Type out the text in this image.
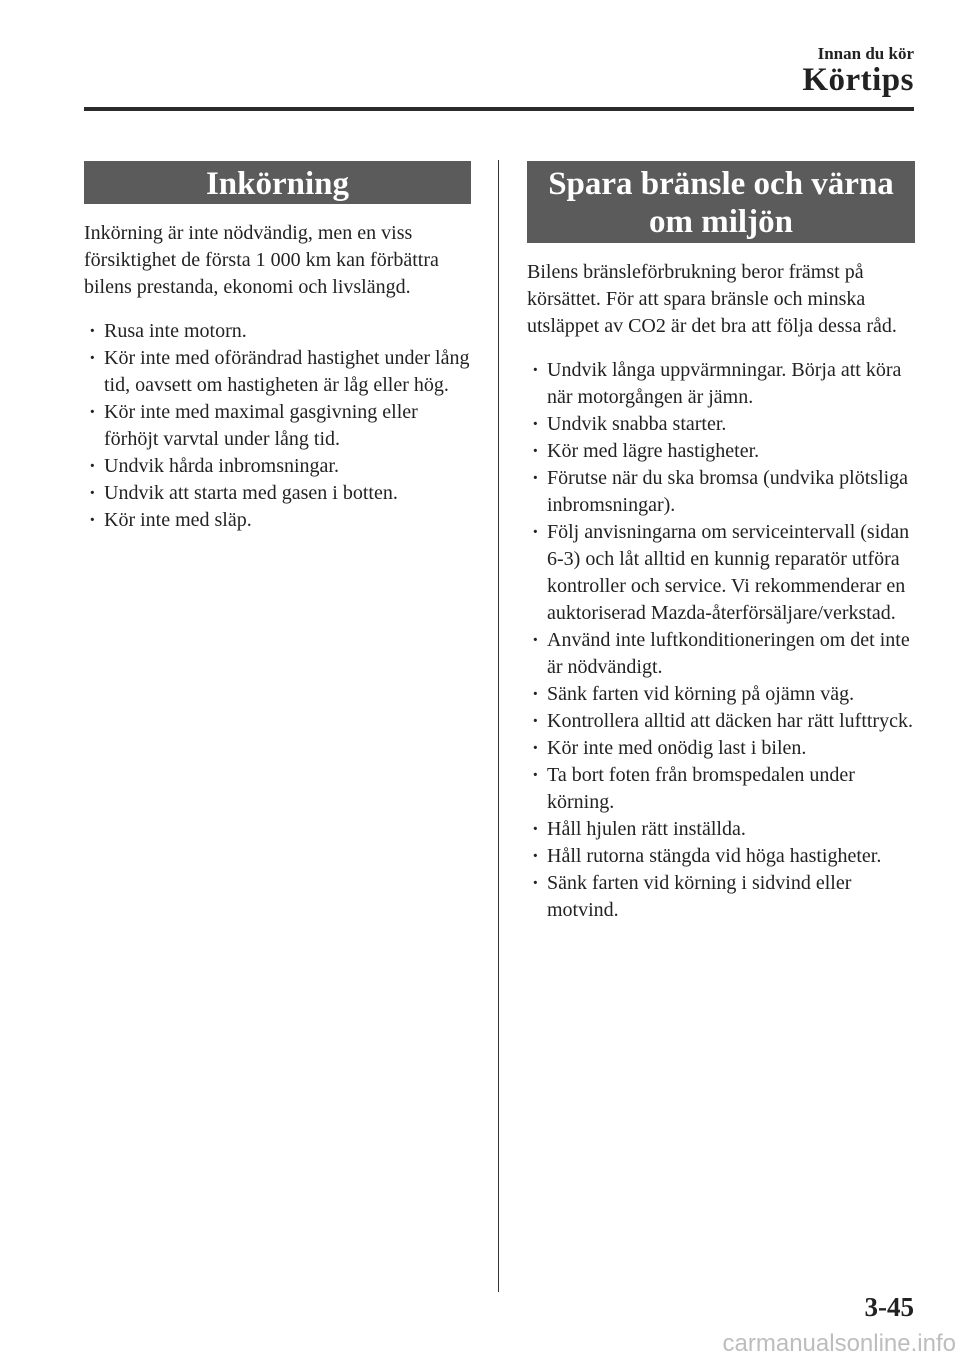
Innan du kör
Körtips
Inkörning

Inkörning är inte nödvändig, men en viss försiktighet de första 1 000 km kan förbättra bilens prestanda, ekonomi och livslängd.

· Rusa inte motorn.
· Kör inte med oförändrad hastighet under lång tid, oavsett om hastigheten är låg eller hög.
· Kör inte med maximal gasgivning eller förhöjt varvtal under lång tid.
· Undvik hårda inbromsningar.
· Undvik att starta med gasen i botten.
· Kör inte med släp.
Spara bränsle och värna
om miljön

Bilens bränsleförbrukning beror främst på körsättet. För att spara bränsle och minska utsläppet av CO2 är det bra att följa dessa råd.

· Undvik långa uppvärmningar. Börja att köra när motorgången är jämn.
· Undvik snabba starter.
· Kör med lägre hastigheter.
· Förutse när du ska bromsa (undvika plötsliga inbromsningar).
· Följ anvisningarna om serviceintervall (sidan 6-3) och låt alltid en kunnig reparatör utföra kontroller och service. Vi rekommenderar en auktoriserad Mazda-återförsäljare/verkstad.
· Använd inte luftkonditioneringen om det inte är nödvändigt.
· Sänk farten vid körning på ojämn väg.
· Kontrollera alltid att däcken har rätt lufttryck.
· Kör inte med onödig last i bilen.
· Ta bort foten från bromspedalen under körning.
· Håll hjulen rätt inställda.
· Håll rutorna stängda vid höga hastigheter.
· Sänk farten vid körning i sidvind eller motvind.
3-45
carmanualsonline.info
